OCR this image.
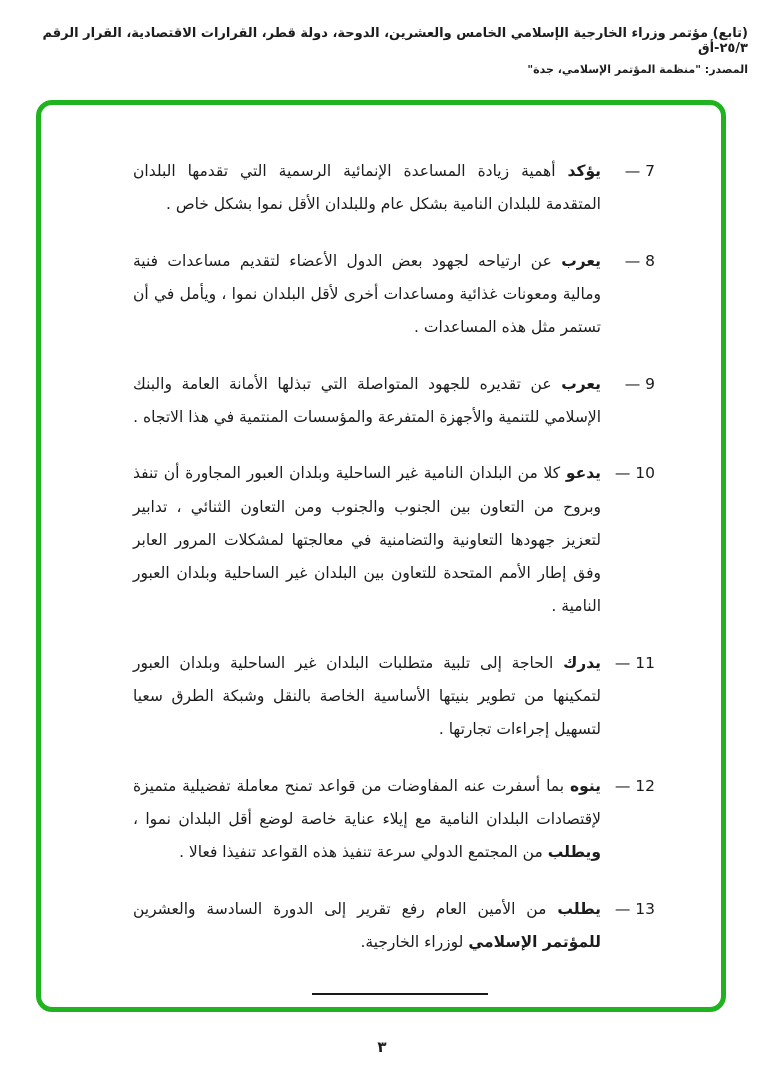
(تابع) مؤتمر وزراء الخارجية الإسلامي الخامس والعشرين، الدوحة، دولة قطر، القرارات الاقتصادية، القرار الرقم ٢٥/٣-أق
المصدر: "منظمة المؤتمر الإسلامي، جدة"
7 —

يؤكد أهمية زيادة المساعدة الإنمائية الرسمية التي تقدمها البلدان المتقدمة للبلدان النامية بشكل عام وللبلدان الأقل نموا بشكل خاص .

8 —

يعرب عن ارتياحه لجهود بعض الدول الأعضاء لتقديم مساعدات فنية ومالية ومعونات غذائية ومساعدات أخرى لأقل البلدان نموا ، ويأمل في أن تستمر مثل هذه المساعدات .

9 —

يعرب عن تقديره للجهود المتواصلة التي تبذلها الأمانة العامة والبنك الإسلامي للتنمية والأجهزة المتفرعة والمؤسسات المنتمية في هذا الاتجاه .

10 —

يدعو كلا من البلدان النامية غير الساحلية وبلدان العبور المجاورة أن تنفذ وبروح من التعاون بين الجنوب والجنوب ومن التعاون الثنائي ، تدابير لتعزيز جهودها التعاونية والتضامنية في معالجتها لمشكلات المرور العابر وفق إطار الأمم المتحدة للتعاون بين البلدان غير الساحلية وبلدان العبور النامية .

11 —

يدرك الحاجة إلى تلبية متطلبات البلدان غير الساحلية وبلدان العبور لتمكينها من تطوير بنيتها الأساسية الخاصة بالنقل وشبكة الطرق سعيا لتسهيل إجراءات تجارتها .

12 —

ينوه بما أسفرت عنه المفاوضات من قواعد تمنح معاملة تفضيلية متميزة لإقتصادات البلدان النامية مع إيلاء عناية خاصة لوضع أقل البلدان نموا ، ويطلب من المجتمع الدولي سرعة تنفيذ هذه القواعد تنفيذا فعالا .

13 —

يطلب من الأمين العام رفع تقرير إلى الدورة السادسة والعشرين للمؤتمر الإسلامي لوزراء الخارجية.

٣
